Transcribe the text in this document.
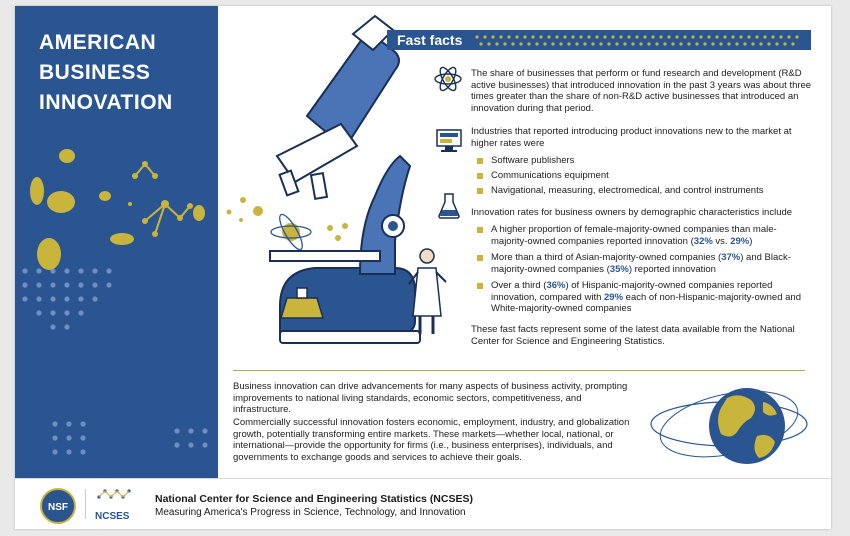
AMERICAN
BUSINESS
INNOVATION
Fast facts

The share of businesses that perform or fund research and development (R&D active businesses) that introduced innovation in the past 3 years was about three times greater than the share of non-R&D active businesses that introduced an innovation during that period.

Industries that reported introducing product innovations new to the market at higher rates were

Software publishers
Communications equipment
Navigational, measuring, electromedical, and control instruments

Innovation rates for business owners by demographic characteristics include

A higher proportion of female-majority-owned companies than male-majority-owned companies reported innovation (32% vs. 29%)
More than a third of Asian-majority-owned companies (37%) and Black-majority-owned companies (35%) reported innovation
Over a third (36%) of Hispanic-majority-owned companies reported innovation, compared with 29% each of non-Hispanic-majority-owned and White-majority-owned companies

These fast facts represent some of the latest data available from the National Center for Science and Engineering Statistics.

Business innovation can drive advancements for many aspects of business activity, prompting improvements to national living standards, economic sectors, competitiveness, and infrastructure.

Commercially successful innovation fosters economic, employment, industry, and globalization growth, potentially transforming entire markets. These markets—whether local, national, or international—provide the opportunity for firms (i.e., business enterprises), individuals, and governments to exchange goods and services to achieve their goals.

NSF
NCSES
National Center for Science and Engineering Statistics (NCSES)
Measuring America's Progress in Science, Technology, and Innovation
